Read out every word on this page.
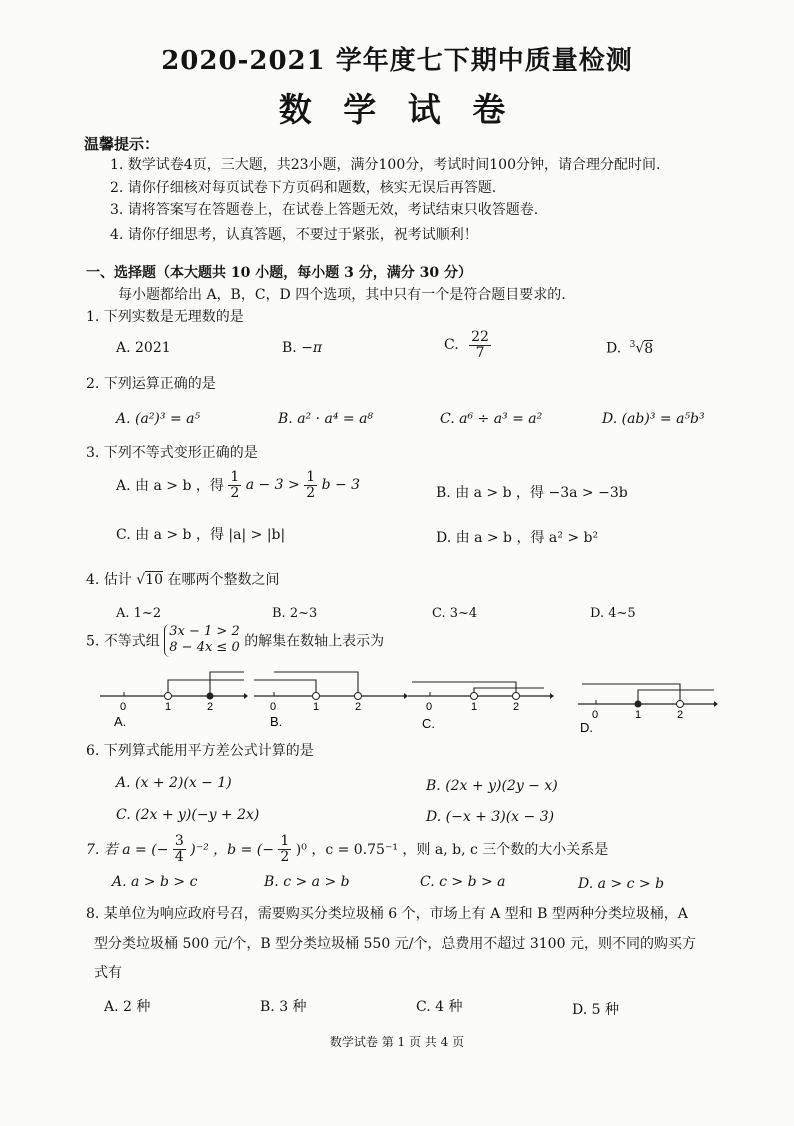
2020-2021 学年度七下期中质量检测
数 学 试 卷
温馨提示：
1. 数学试卷4页，三大题，共23小题，满分100分，考试时间100分钟，请合理分配时间.
2. 请你仔细核对每页试卷下方页码和题数，核实无误后再答题.
3. 请将答案写在答题卷上，在试卷上答题无效，考试结束只收答题卷.
4. 请你仔细思考，认真答题，不要过于紧张，祝考试顺利！
一、选择题（本大题共 10 小题，每小题 3 分，满分 30 分）
每小题都给出 A，B，C，D 四个选项，其中只有一个是符合题目要求的.
1. 下列实数是无理数的是
A. 2021	B. −π	C. $\frac{22}{7}$	D. $^3$√8
2. 下列运算正确的是
A. (a²)³ = a⁵	B. a² · a⁴ = a⁸	C. a⁶ ÷ a³ = a²	D. (ab)³ = a⁵b³
3. 下列不等式变形正确的是
A. 由 a > b ，得 $\frac{1}{2}$ $a - 3 > \frac{1}{2}$ b − 3	B. 由 a > b ，得 −3a > −3b
C. 由 a > b ，得 |a| > |b|	D. 由 a > b ，得 a² > b²
4. 估计 √10 在哪两个整数之间
A. 1~2	B. 2~3	C. 3~4	D. 4~5
5. 不等式组
3x − 1 > 2
8 − 4x ≤ 0 的解集在数轴上表示为
0	1	2
A.
0	1	2
B.
0	1	2
C.
0	1	2
D.
6. 下列算式能用平方差公式计算的是
A. (x + 2)(x − 1)	B. (2x + y)(2y − x)
C. (2x + y)(−y + 2x)	D. (−x + 3)(x − 3)
7. 若 a = (− $\frac{3}{4} )^{-2}$ ，b = (− $\frac{1}{2} )^0$ ，c = 0.75⁻¹ ，则 a, b, c 三个数的大小关系是
A. a > b > c	B. c > a > b	C. c > b > a	D. a > c > b
8. 某单位为响应政府号召，需要购买分类垃圾桶 6 个，市场上有 A 型和 B 型两种分类垃圾桶，A
型分类垃圾桶 500 元/个，B 型分类垃圾桶 550 元/个，总费用不超过 3100 元，则不同的购买方
式有
A. 2 种	B. 3 种	C. 4 种	D. 5 种
数学试卷 第 1 页 共 4 页
